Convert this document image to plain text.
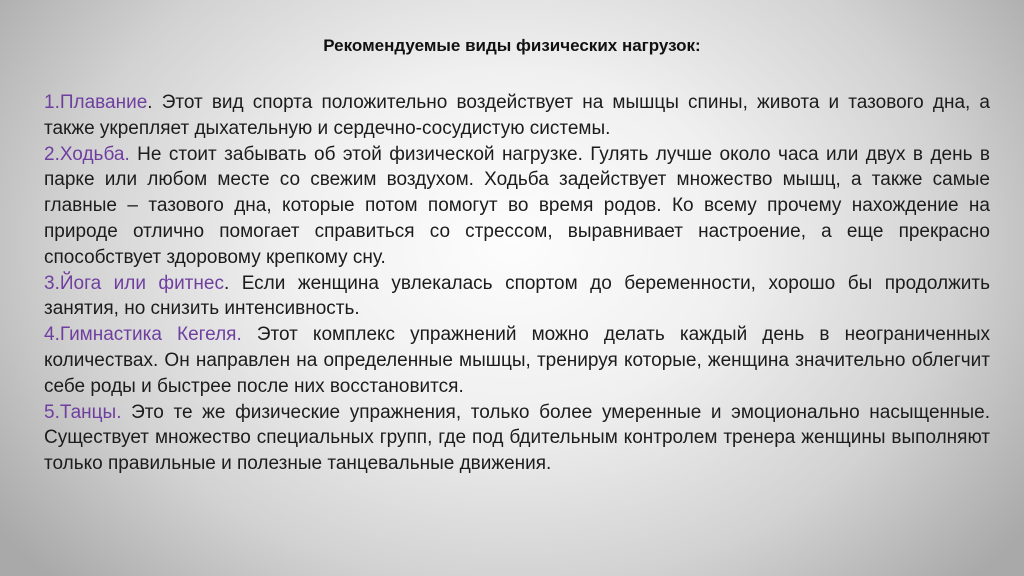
Рекомендуемые виды физических нагрузок:

1.Плавание. Этот вид спорта положительно воздействует на мышцы спины, живота и тазового дна, а также укрепляет дыхательную и сердечно-сосудистую системы.

2.Ходьба. Не стоит забывать об этой физической нагрузке. Гулять лучше около часа или двух в день в парке или любом месте со свежим воздухом. Ходьба задействует множество мышц, а также самые главные – тазового дна, которые потом помогут во время родов. Ко всему прочему нахождение на природе отлично помогает справиться со стрессом, выравнивает настроение, а еще прекрасно способствует здоровому крепкому сну.

3.Йога или фитнес. Если женщина увлекалась спортом до беременности, хорошо бы продолжить занятия, но снизить интенсивность.

4.Гимнастика Кегеля. Этот комплекс упражнений можно делать каждый день в неограниченных количествах. Он направлен на определенные мышцы, тренируя которые, женщина значительно облегчит себе роды и быстрее после них восстановится.

5.Танцы. Это те же физические упражнения, только более умеренные и эмоционально насыщенные. Существует множество специальных групп, где под бдительным контролем тренера женщины выполняют только правильные и полезные танцевальные движения.
